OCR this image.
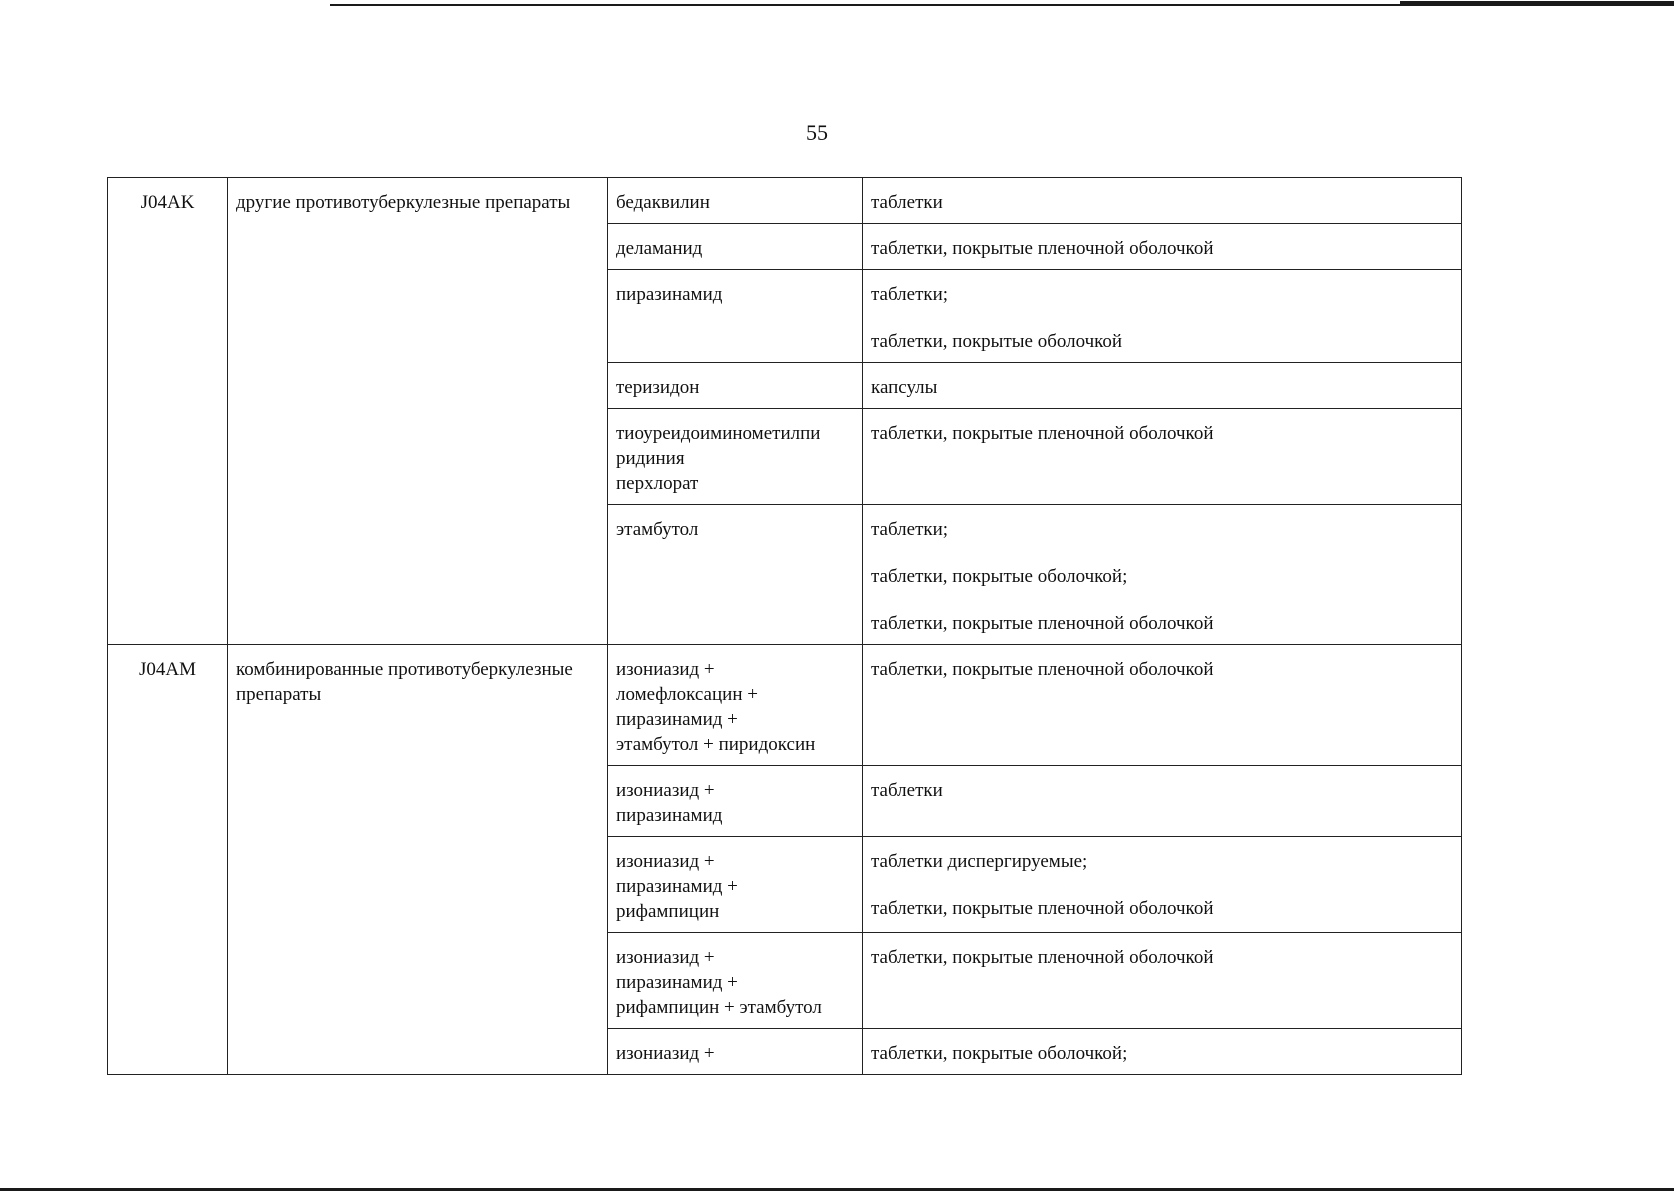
55
J04AK	другие противотуберкулезные препараты	бедаквилин	таблетки

		деламанид	таблетки, покрытые пленочной оболочкой

		пиразинамид	таблетки;
таблетки, покрытые оболочкой

		теризидон	капсулы

		тиоуреидоиминометилпи
ридиния
перхлорат	таблетки, покрытые пленочной оболочкой

		этамбутол	таблетки;
таблетки, покрытые оболочкой;
таблетки, покрытые пленочной оболочкой

J04AM	комбинированные противотуберкулезные препараты	изониазид +
ломефлоксацин +
пиразинамид +
этамбутол + пиридоксин	таблетки, покрытые пленочной оболочкой

		изониазид +
пиразинамид	таблетки

		изониазид +
пиразинамид +
рифампицин	таблетки диспергируемые;
таблетки, покрытые пленочной оболочкой

		изониазид +
пиразинамид +
рифампицин + этамбутол	таблетки, покрытые пленочной оболочкой

		изониазид +	таблетки, покрытые оболочкой;
